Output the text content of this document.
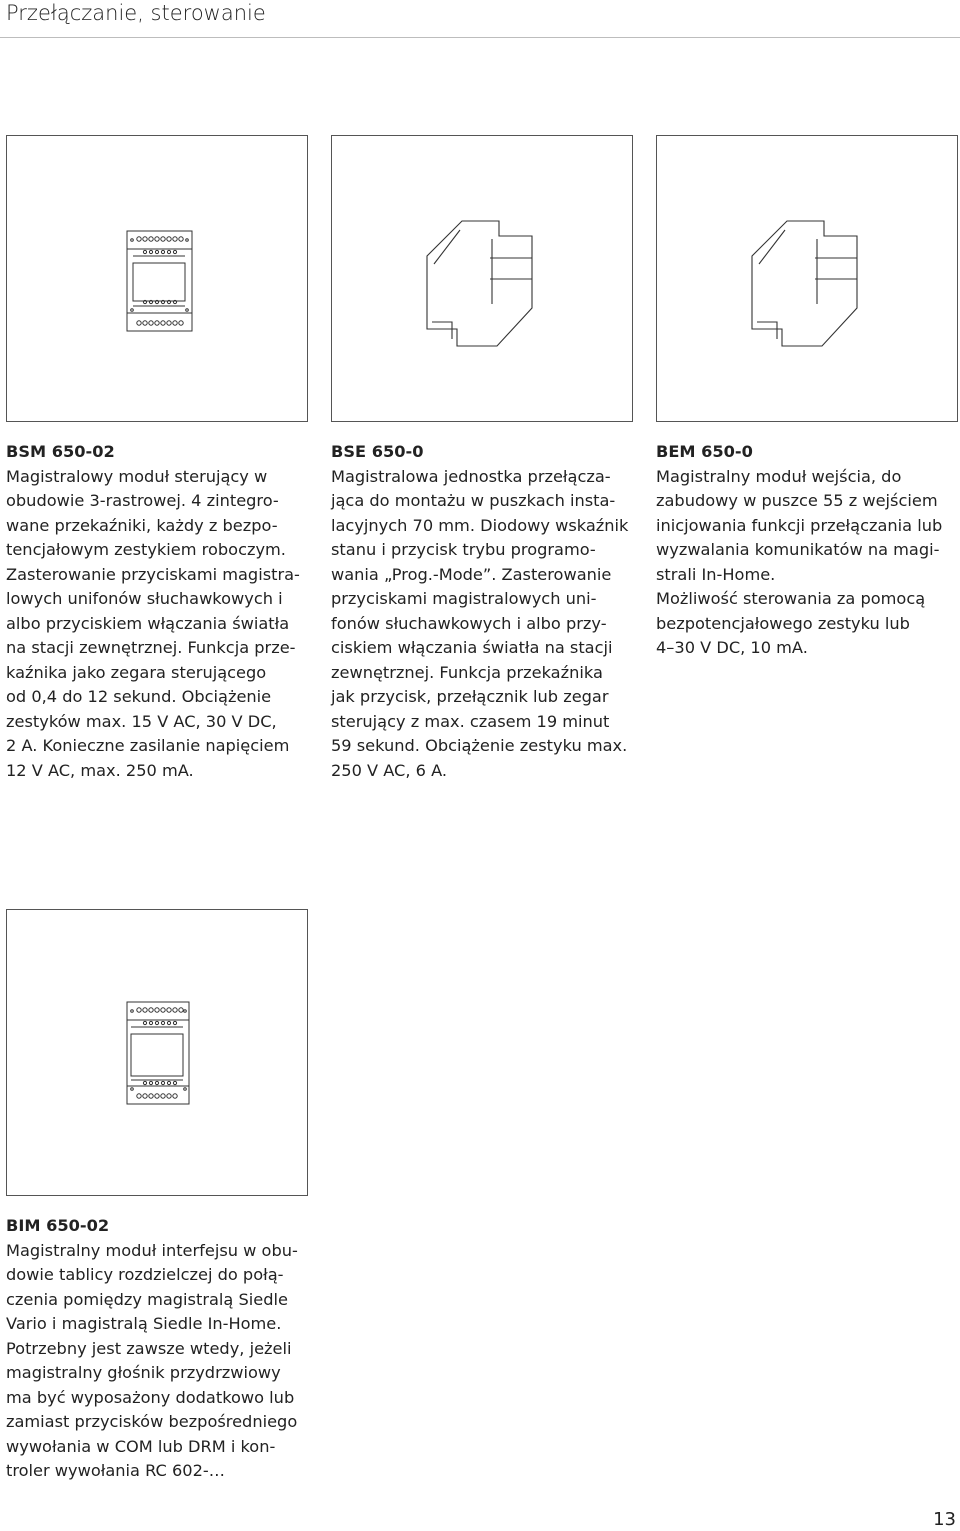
Przełączanie, sterowanie
BSM 650-02
Magistralowy moduł sterujący w
obudowie 3-rastrowej. 4 zintegro-
wane przekaźniki, każdy z bezpo-
tencjałowym zestykiem roboczym.
Zasterowanie przyciskami magistra-
lowych unifonów słuchawkowych i
albo przyciskiem włączania światła
na stacji zewnętrznej. Funkcja prze-
kaźnika jako zegara sterującego
od 0,4 do 12 sekund. Obciążenie
zestyków max. 15 V AC, 30 V DC,
2 A. Konieczne zasilanie napięciem
12 V AC, max. 250 mA.
BSE 650-0
Magistralowa jednostka przełącza-
jąca do montażu w puszkach insta-
lacyjnych 70 mm. Diodowy wskaźnik
stanu i przycisk trybu programo-
wania „Prog.-Mode”. Zasterowanie
przyciskami magistralowych uni-
fonów słuchawkowych i albo przy-
ciskiem włączania światła na stacji
zewnętrznej. Funkcja przekaźnika
jak przycisk, przełącznik lub zegar
sterujący z max. czasem 19 minut
59 sekund. Obciążenie zestyku max.
250 V AC, 6 A.
BEM 650-0
Magistralny moduł wejścia, do
zabudowy w puszce 55 z wejściem
inicjowania funkcji przełączania lub
wyzwalania komunikatów na magi-
strali In-Home.
Możliwość sterowania za pomocą
bezpotencjałowego zestyku lub
4–30 V DC, 10 mA.
BIM 650-02
Magistralny moduł interfejsu w obu-
dowie tablicy rozdzielczej do połą-
czenia pomiędzy magistralą Siedle
Vario i magistralą Siedle In-Home.
Potrzebny jest zawsze wtedy, jeżeli
magistralny głośnik przydrzwiowy
ma być wyposażony dodatkowo lub
zamiast przycisków bezpośredniego
wywołania w COM lub DRM i kon-
troler wywołania RC 602-…
13
